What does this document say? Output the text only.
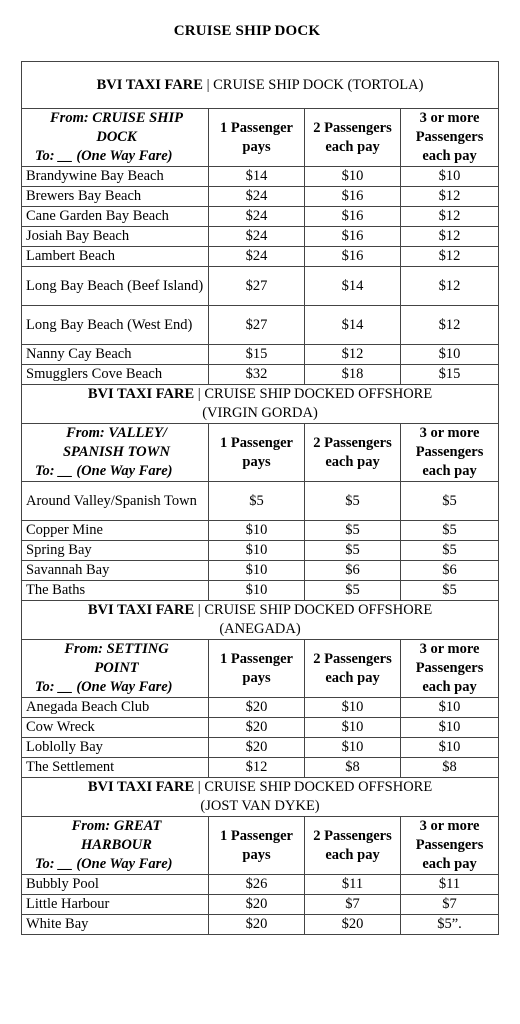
CRUISE SHIP DOCK
BVI TAXI FARE | CRUISE SHIP DOCK (TORTOLA)			

From: CRUISE SHIP
DOCK
To: __ (One Way Fare)	1 Passenger pays	2 Passengers each pay	3 or more Passengers each pay
Brandywine Bay Beach	$14	$10	$10
Brewers Bay Beach	$24	$16	$12
Cane Garden Bay Beach	$24	$16	$12
Josiah Bay Beach	$24	$16	$12
Lambert Beach	$24	$16	$12
Long Bay Beach (Beef Island)	$27	$14	$12
Long Bay Beach (West End)	$27	$14	$12
Nanny Cay Beach	$15	$12	$10
Smugglers Cove Beach	$32	$18	$15
BVI TAXI FARE | CRUISE SHIP DOCKED OFFSHORE
(VIRGIN GORDA)			

From: VALLEY/
SPANISH TOWN
To: __ (One Way Fare)	1 Passenger pays	2 Passengers each pay	3 or more Passengers each pay
Around Valley/Spanish Town	$5	$5	$5
Copper Mine	$10	$5	$5
Spring Bay	$10	$5	$5
Savannah Bay	$10	$6	$6
The Baths	$10	$5	$5
BVI TAXI FARE | CRUISE SHIP DOCKED OFFSHORE
(ANEGADA)			

From: SETTING
POINT
To: __ (One Way Fare)	1 Passenger pays	2 Passengers each pay	3 or more Passengers each pay
Anegada Beach Club	$20	$10	$10
Cow Wreck	$20	$10	$10
Loblolly Bay	$20	$10	$10
The Settlement	$12	$8	$8
BVI TAXI FARE | CRUISE SHIP DOCKED OFFSHORE
(JOST VAN DYKE)			

From: GREAT
HARBOUR
To: __ (One Way Fare)	1 Passenger pays	2 Passengers each pay	3 or more Passengers each pay
Bubbly Pool	$26	$11	$11
Little Harbour	$20	$7	$7
White Bay	$20	$20	$5”.
